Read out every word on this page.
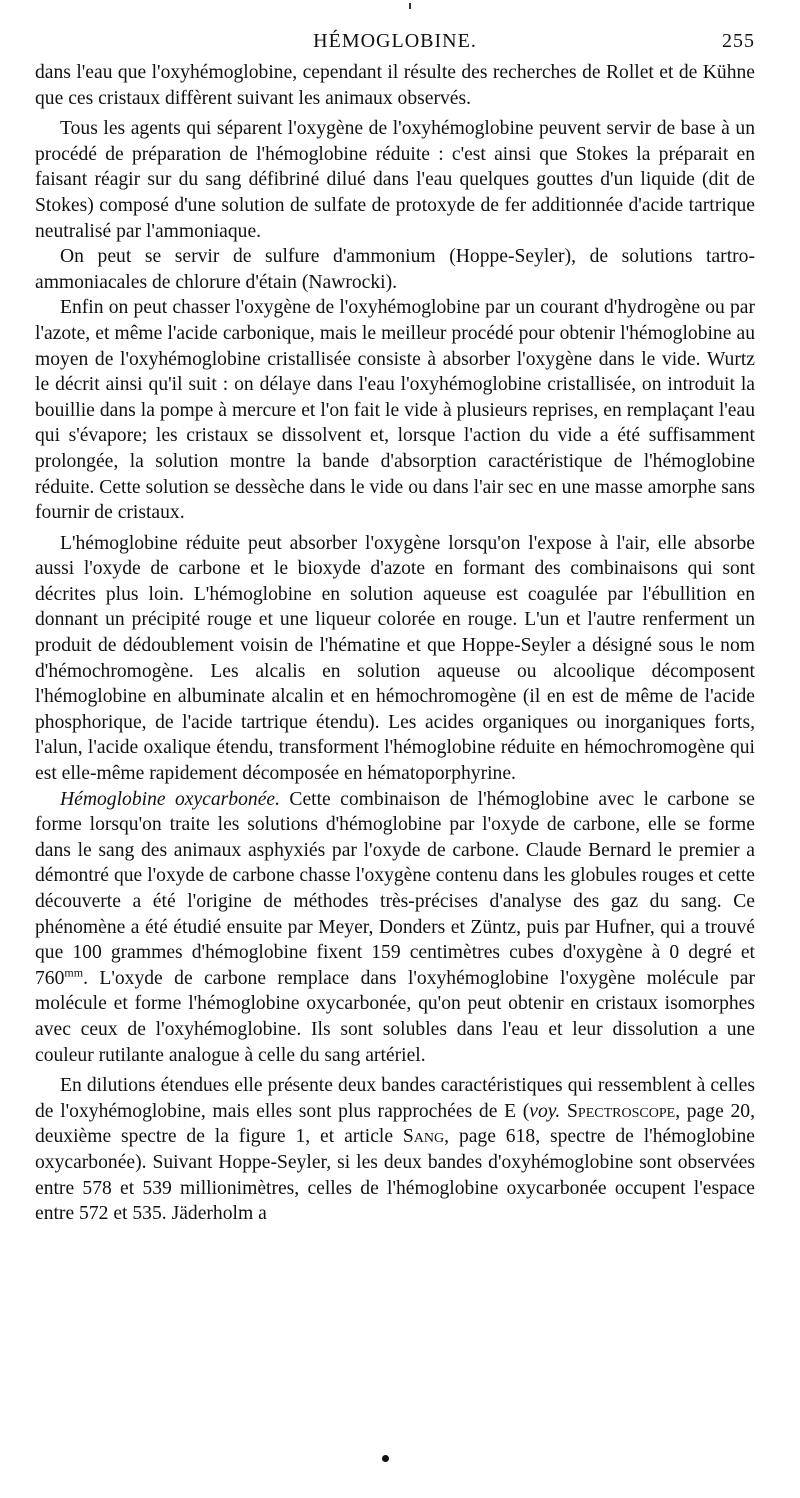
HÉMOGLOBINE.	255

dans l'eau que l'oxyhémoglobine, cependant il résulte des recherches de Rollet et de Kühne que ces cristaux diffèrent suivant les animaux observés.

Tous les agents qui séparent l'oxygène de l'oxyhémoglobine peuvent servir de base à un procédé de préparation de l'hémoglobine réduite : c'est ainsi que Stokes la préparait en faisant réagir sur du sang défibriné dilué dans l'eau quelques gouttes d'un liquide (dit de Stokes) composé d'une solution de sulfate de protoxyde de fer additionnée d'acide tartrique neutralisé par l'ammoniaque.

On peut se servir de sulfure d'ammonium (Hoppe-Seyler), de solutions tartro-ammoniacales de chlorure d'étain (Nawrocki).

Enfin on peut chasser l'oxygène de l'oxyhémoglobine par un courant d'hydrogène ou par l'azote, et même l'acide carbonique, mais le meilleur procédé pour obtenir l'hémoglobine au moyen de l'oxyhémoglobine cristallisée consiste à absorber l'oxygène dans le vide. Wurtz le décrit ainsi qu'il suit : on délaye dans l'eau l'oxyhémoglobine cristallisée, on introduit la bouillie dans la pompe à mercure et l'on fait le vide à plusieurs reprises, en remplaçant l'eau qui s'évapore; les cristaux se dissolvent et, lorsque l'action du vide a été suffisamment prolongée, la solution montre la bande d'absorption caractéristique de l'hémoglobine réduite. Cette solution se dessèche dans le vide ou dans l'air sec en une masse amorphe sans fournir de cristaux.

L'hémoglobine réduite peut absorber l'oxygène lorsqu'on l'expose à l'air, elle absorbe aussi l'oxyde de carbone et le bioxyde d'azote en formant des combinaisons qui sont décrites plus loin. L'hémoglobine en solution aqueuse est coagulée par l'ébullition en donnant un précipité rouge et une liqueur colorée en rouge. L'un et l'autre renferment un produit de dédoublement voisin de l'hématine et que Hoppe-Seyler a désigné sous le nom d'hémochromogène. Les alcalis en solution aqueuse ou alcoolique décomposent l'hémoglobine en albuminate alcalin et en hémochromogène (il en est de même de l'acide phosphorique, de l'acide tartrique étendu). Les acides organiques ou inorganiques forts, l'alun, l'acide oxalique étendu, transforment l'hémoglobine réduite en hémochromogène qui est elle-même rapidement décomposée en hématoporphyrine.

Hémoglobine oxycarbonée. Cette combinaison de l'hémoglobine avec le carbone se forme lorsqu'on traite les solutions d'hémoglobine par l'oxyde de carbone, elle se forme dans le sang des animaux asphyxiés par l'oxyde de carbone. Claude Bernard le premier a démontré que l'oxyde de carbone chasse l'oxygène contenu dans les globules rouges et cette découverte a été l'origine de méthodes très-précises d'analyse des gaz du sang. Ce phénomène a été étudié ensuite par Meyer, Donders et Züntz, puis par Hufner, qui a trouvé que 100 grammes d'hémoglobine fixent 159 centimètres cubes d'oxygène à 0 degré et $760^{mm}$. L'oxyde de carbone remplace dans l'oxyhémoglobine l'oxygène molécule par molécule et forme l'hémoglobine oxycarbonée, qu'on peut obtenir en cristaux isomorphes avec ceux de l'oxyhémoglobine. Ils sont solubles dans l'eau et leur dissolution a une couleur rutilante analogue à celle du sang artériel.

En dilutions étendues elle présente deux bandes caractéristiques qui ressemblent à celles de l'oxyhémoglobine, mais elles sont plus rapprochées de E (voy. Spectroscope, page 20, deuxième spectre de la figure 1, et article Sang, page 618, spectre de l'hémoglobine oxycarbonée). Suivant Hoppe-Seyler, si les deux bandes d'oxyhémoglobine sont observées entre 578 et 539 millionimètres, celles de l'hémoglobine oxycarbonée occupent l'espace entre 572 et 535. Jäderholm a
